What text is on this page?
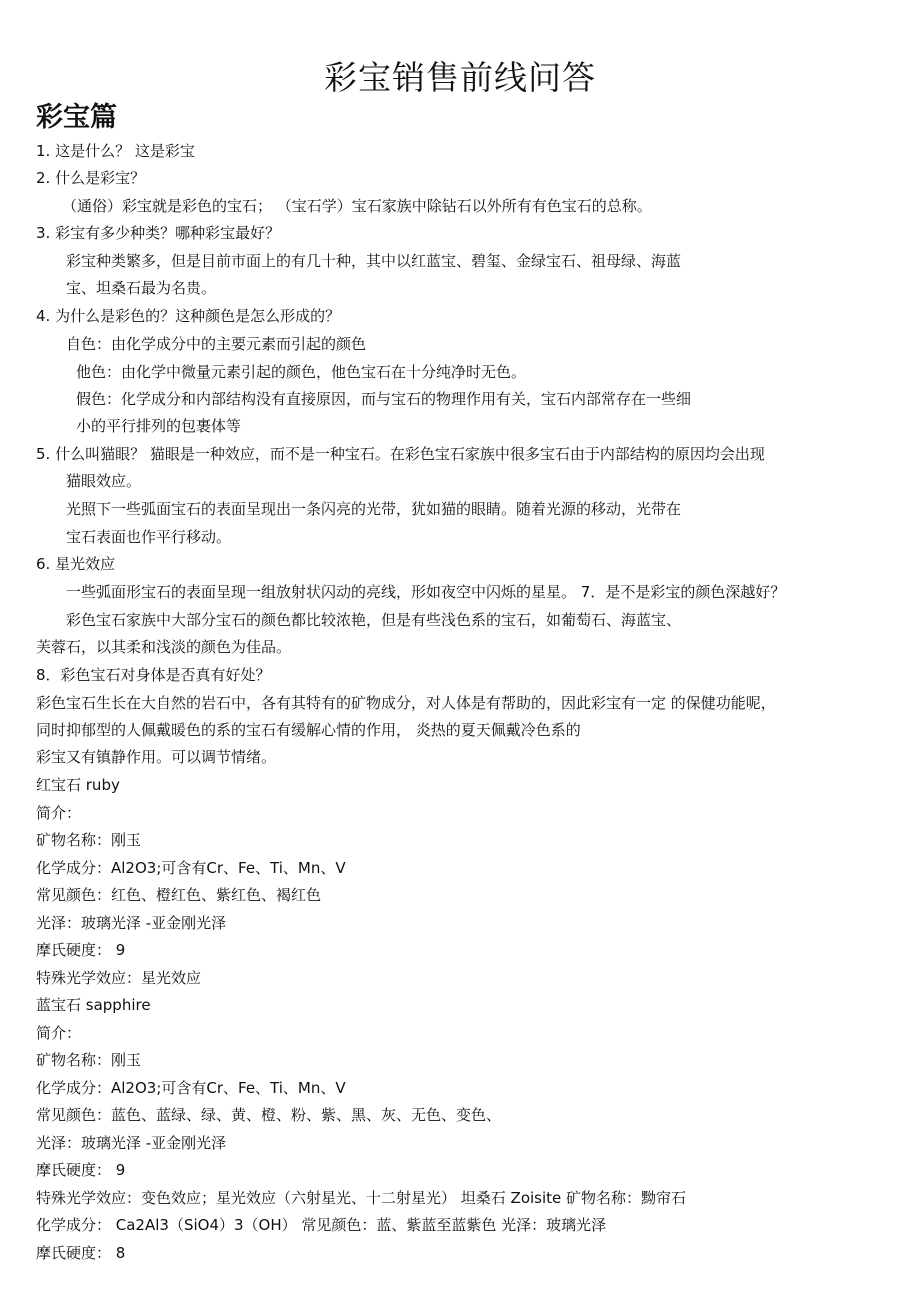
彩宝销售前线问答
彩宝篇
1. 这是什么？ 这是彩宝
2. 什么是彩宝？
（通俗）彩宝就是彩色的宝石； （宝石学）宝石家族中除钻石以外所有有色宝石的总称。
3. 彩宝有多少种类？哪种彩宝最好？
彩宝种类繁多，但是目前市面上的有几十种，其中以红蓝宝、碧玺、金绿宝石、祖母绿、海蓝
宝、坦桑石最为名贵。
4. 为什么是彩色的？这种颜色是怎么形成的？
自色：由化学成分中的主要元素而引起的颜色
他色：由化学中微量元素引起的颜色，他色宝石在十分纯净时无色。
假色：化学成分和内部结构没有直接原因，而与宝石的物理作用有关，宝石内部常存在一些细
小的平行排列的包裹体等
5. 什么叫猫眼？ 猫眼是一种效应，而不是一种宝石。在彩色宝石家族中很多宝石由于内部结构的原因均会出现
猫眼效应。
光照下一些弧面宝石的表面呈现出一条闪亮的光带，犹如猫的眼睛。随着光源的移动，光带在
宝石表面也作平行移动。
6. 星光效应
一些弧面形宝石的表面呈现一组放射状闪动的亮线，形如夜空中闪烁的星星。 7．是不是彩宝的颜色深越好？
彩色宝石家族中大部分宝石的颜色都比较浓艳，但是有些浅色系的宝石，如葡萄石、海蓝宝、
芙蓉石，以其柔和浅淡的颜色为佳品。
8．彩色宝石对身体是否真有好处？
彩色宝石生长在大自然的岩石中，各有其特有的矿物成分，对人体是有帮助的，因此彩宝有一定 的保健功能呢，
同时抑郁型的人佩戴暖色的系的宝石有缓解心情的作用， 炎热的夏天佩戴冷色系的
彩宝又有镇静作用。可以调节情绪。
红宝石 ruby
简介：
矿物名称：刚玉
化学成分：Al2O3;可含有Cr、Fe、Ti、Mn、V
常见颜色：红色、橙红色、紫红色、褐红色
光泽：玻璃光泽 -亚金刚光泽
摩氏硬度： 9
特殊光学效应：星光效应
蓝宝石 sapphire
简介：
矿物名称：刚玉
化学成分：Al2O3;可含有Cr、Fe、Ti、Mn、V
常见颜色：蓝色、蓝绿、绿、黄、橙、粉、紫、黑、灰、无色、变色、
光泽：玻璃光泽 -亚金刚光泽
摩氏硬度： 9
特殊光学效应：变色效应；星光效应（六射星光、十二射星光） 坦桑石 Zoisite 矿物名称：黝帘石
化学成分： Ca2Al3（SiO4）3（OH） 常见颜色：蓝、紫蓝至蓝紫色 光泽：玻璃光泽
摩氏硬度： 8
